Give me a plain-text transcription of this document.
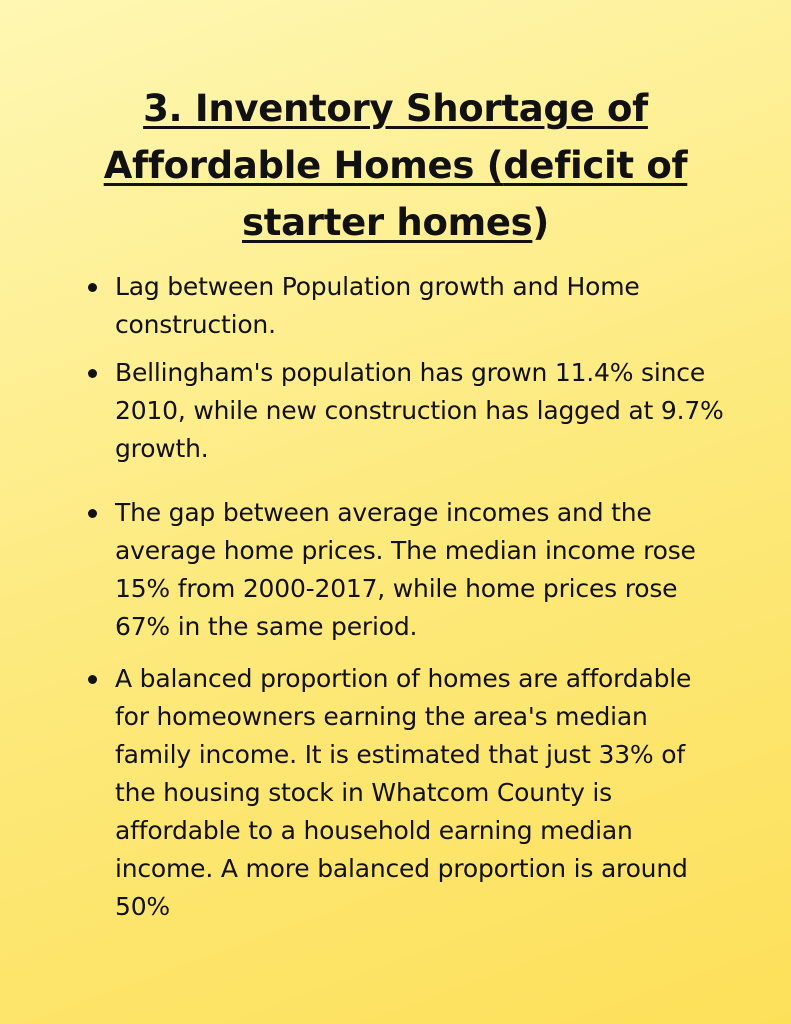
3. Inventory Shortage of
Affordable Homes (deficit of
starter homes)
Lag between Population growth and Home construction.
Bellingham's population has grown 11.4% since 2010, while new construction has lagged at 9.7% growth.
The gap between average incomes and the average home prices. The median income rose 15% from 2000-2017, while home prices rose 67% in the same period.
A balanced proportion of homes are affordable for homeowners earning the area's median family income. It is estimated that just 33% of the housing stock in Whatcom County is affordable to a household earning median income. A more balanced proportion is around 50%
